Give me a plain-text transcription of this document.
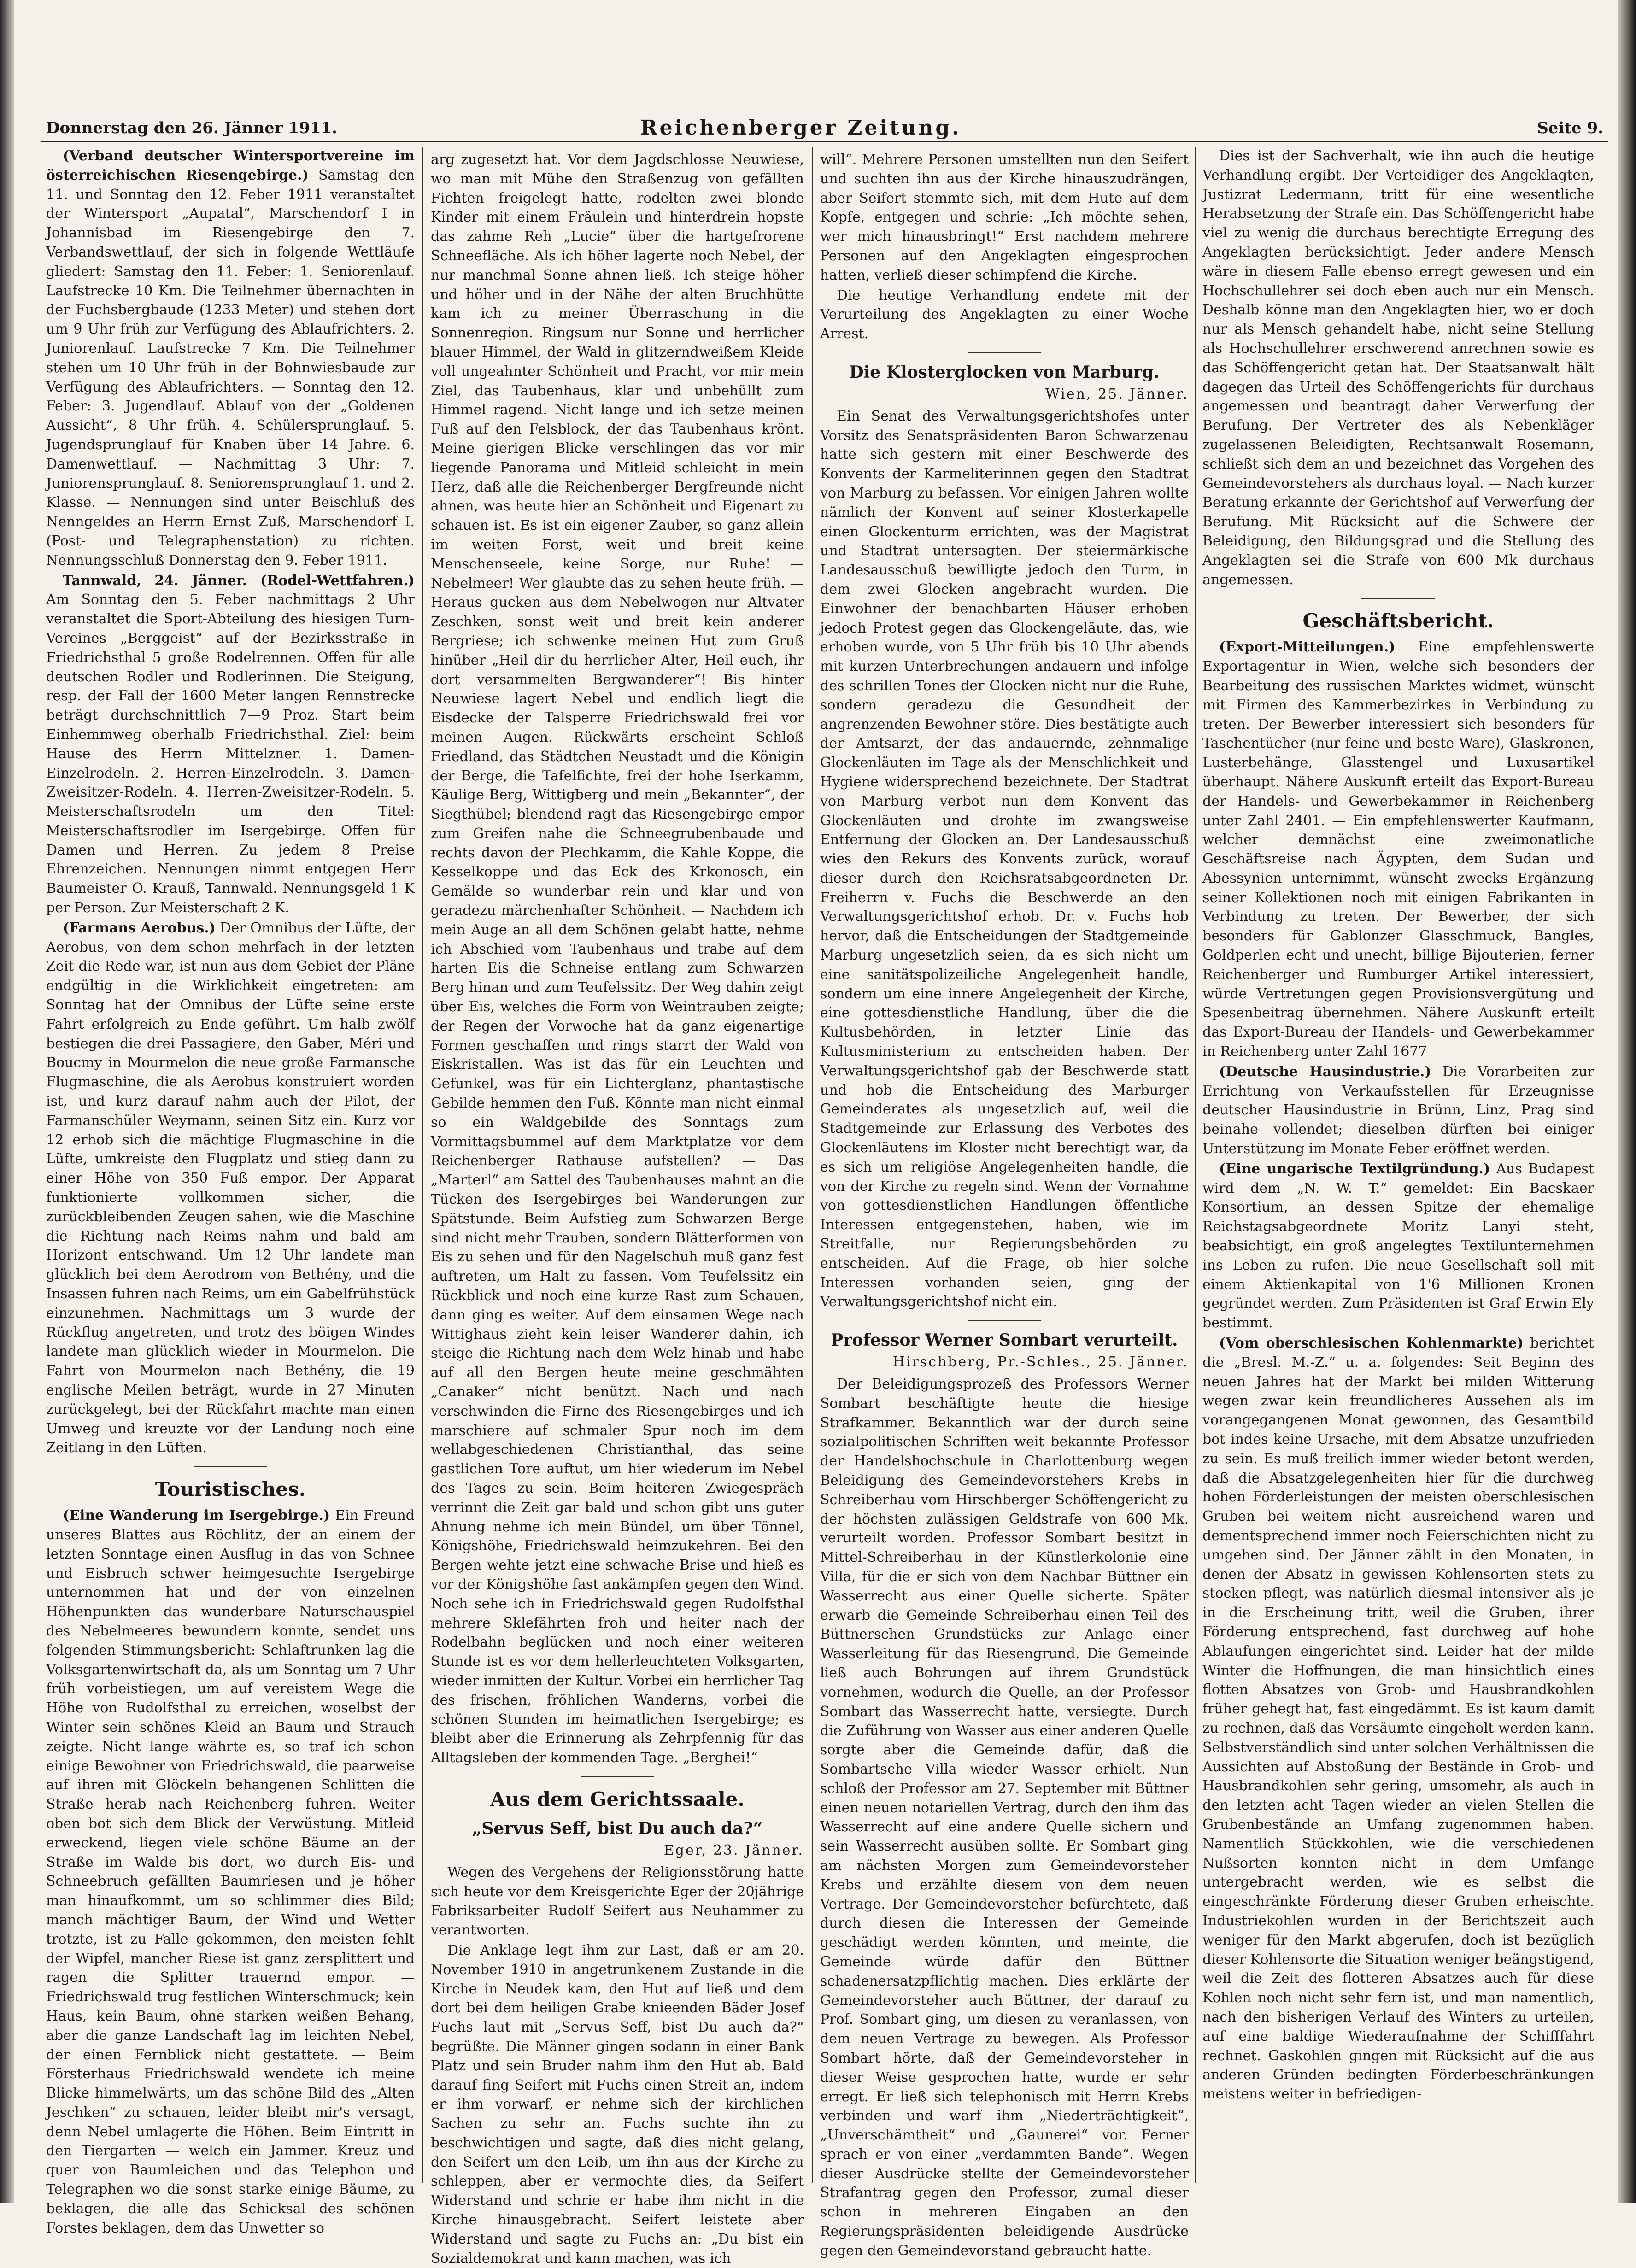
Donnerstag den 26. Jänner 1911.	Reichenberger Zeitung.	Seite 9.

(Verband deutscher Wintersportvereine im österreichischen Riesengebirge.) Samstag den 11. und Sonntag den 12. Feber 1911 veranstaltet der Wintersport „Aupatal“, Marschendorf I in Johannisbad im Riesengebirge den 7. Verbandswettlauf, der sich in folgende Wettläufe gliedert: Samstag den 11. Feber: 1. Seniorenlauf. Laufstrecke 10 Km. Die Teilnehmer übernachten in der Fuchsbergbaude (1233 Meter) und stehen dort um 9 Uhr früh zur Verfügung des Ablaufrichters. 2. Juniorenlauf. Laufstrecke 7 Km. Die Teilnehmer stehen um 10 Uhr früh in der Bohnwiesbaude zur Verfügung des Ablaufrichters. — Sonntag den 12. Feber: 3. Jugendlauf. Ablauf von der „Goldenen Aussicht“, 8 Uhr früh. 4. Schülersprunglauf. 5. Jugendsprunglauf für Knaben über 14 Jahre. 6. Damenwettlauf. — Nachmittag 3 Uhr: 7. Juniorensprunglauf. 8. Seniorensprunglauf 1. und 2. Klasse. — Nennungen sind unter Beischluß des Nenngeldes an Herrn Ernst Zuß, Marschendorf I. (Post- und Telegraphenstation) zu richten. Nennungsschluß Donnerstag den 9. Feber 1911.

Tannwald, 24. Jänner. (Rodel-Wettfahren.) Am Sonntag den 5. Feber nachmittags 2 Uhr veranstaltet die Sport-Abteilung des hiesigen Turn-Vereines „Berggeist“ auf der Bezirksstraße in Friedrichsthal 5 große Rodelrennen. Offen für alle deutschen Rodler und Rodlerinnen. Die Steigung, resp. der Fall der 1600 Meter langen Rennstrecke beträgt durchschnittlich 7—9 Proz. Start beim Einhemmweg oberhalb Friedrichsthal. Ziel: beim Hause des Herrn Mittelzner. 1. Damen-Einzelrodeln. 2. Herren-Einzelrodeln. 3. Damen-Zweisitzer-Rodeln. 4. Herren-Zweisitzer-Rodeln. 5. Meisterschaftsrodeln um den Titel: Meisterschaftsrodler im Isergebirge. Offen für Damen und Herren. Zu jedem 8 Preise Ehrenzeichen. Nennungen nimmt entgegen Herr Baumeister O. Krauß, Tannwald. Nennungsgeld 1 K per Person. Zur Meisterschaft 2 K.

(Farmans Aerobus.) Der Omnibus der Lüfte, der Aerobus, von dem schon mehrfach in der letzten Zeit die Rede war, ist nun aus dem Gebiet der Pläne endgültig in die Wirklichkeit eingetreten: am Sonntag hat der Omnibus der Lüfte seine erste Fahrt erfolgreich zu Ende geführt. Um halb zwölf bestiegen die drei Passagiere, den Gaber, Méri und Boucmy in Mourmelon die neue große Farmansche Flugmaschine, die als Aerobus konstruiert worden ist, und kurz darauf nahm auch der Pilot, der Farmanschüler Weymann, seinen Sitz ein. Kurz vor 12 erhob sich die mächtige Flugmaschine in die Lüfte, umkreiste den Flugplatz und stieg dann zu einer Höhe von 350 Fuß empor. Der Apparat funktionierte vollkommen sicher, die zurückbleibenden Zeugen sahen, wie die Maschine die Richtung nach Reims nahm und bald am Horizont entschwand. Um 12 Uhr landete man glücklich bei dem Aerodrom von Bethény, und die Insassen fuhren nach Reims, um ein Gabelfrühstück einzunehmen. Nachmittags um 3 wurde der Rückflug angetreten, und trotz des böigen Windes landete man glücklich wieder in Mourmelon. Die Fahrt von Mourmelon nach Bethény, die 19 englische Meilen beträgt, wurde in 27 Minuten zurückgelegt, bei der Rückfahrt machte man einen Umweg und kreuzte vor der Landung noch eine Zeitlang in den Lüften.

Touristisches.

(Eine Wanderung im Isergebirge.) Ein Freund unseres Blattes aus Röchlitz, der an einem der letzten Sonntage einen Ausflug in das von Schnee und Eisbruch schwer heimgesuchte Isergebirge unternommen hat und der von einzelnen Höhenpunkten das wunderbare Naturschauspiel des Nebelmeeres bewundern konnte, sendet uns folgenden Stimmungsbericht: Schlaftrunken lag die Volksgartenwirtschaft da, als um Sonntag um 7 Uhr früh vorbeistiegen, um auf vereistem Wege die Höhe von Rudolfsthal zu erreichen, woselbst der Winter sein schönes Kleid an Baum und Strauch zeigte. Nicht lange währte es, so traf ich schon einige Bewohner von Friedrichswald, die paarweise auf ihren mit Glöckeln behangenen Schlitten die Straße herab nach Reichenberg fuhren. Weiter oben bot sich dem Blick der Verwüstung. Mitleid erweckend, liegen viele schöne Bäume an der Straße im Walde bis dort, wo durch Eis- und Schneebruch gefällten Baumriesen und je höher man hinaufkommt, um so schlimmer dies Bild; manch mächtiger Baum, der Wind und Wetter trotzte, ist zu Falle gekommen, den meisten fehlt der Wipfel, mancher Riese ist ganz zersplittert und ragen die Splitter trauernd empor. — Friedrichswald trug festlichen Winterschmuck; kein Haus, kein Baum, ohne starken weißen Behang, aber die ganze Landschaft lag im leichten Nebel, der einen Fernblick nicht gestattete. — Beim Försterhaus Friedrichswald wendete ich meine Blicke himmelwärts, um das schöne Bild des „Alten Jeschken“ zu schauen, leider bleibt mir's versagt, denn Nebel umlagerte die Höhen. Beim Eintritt in den Tiergarten — welch ein Jammer. Kreuz und quer von Baumleichen und das Telephon und Telegraphen wo die sonst starke einige Bäume, zu beklagen, die alle das Schicksal des schönen Forstes beklagen, dem das Unwetter so

arg zugesetzt hat. Vor dem Jagdschlosse Neuwiese, wo man mit Mühe den Straßenzug von gefällten Fichten freigelegt hatte, rodelten zwei blonde Kinder mit einem Fräulein und hinterdrein hopste das zahme Reh „Lucie“ über die hartgefrorene Schneefläche. Als ich höher lagerte noch Nebel, der nur manchmal Sonne ahnen ließ. Ich steige höher und höher und in der Nähe der alten Bruchhütte kam ich zu meiner Überraschung in die Sonnenregion. Ringsum nur Sonne und herrlicher blauer Himmel, der Wald in glitzerndweißem Kleide voll ungeahnter Schönheit und Pracht, vor mir mein Ziel, das Taubenhaus, klar und unbehüllt zum Himmel ragend. Nicht lange und ich setze meinen Fuß auf den Felsblock, der das Taubenhaus krönt. Meine gierigen Blicke verschlingen das vor mir liegende Panorama und Mitleid schleicht in mein Herz, daß alle die Reichenberger Bergfreunde nicht ahnen, was heute hier an Schönheit und Eigenart zu schauen ist. Es ist ein eigener Zauber, so ganz allein im weiten Forst, weit und breit keine Menschenseele, keine Sorge, nur Ruhe! — Nebelmeer! Wer glaubte das zu sehen heute früh. — Heraus gucken aus dem Nebelwogen nur Altvater Zeschken, sonst weit und breit kein anderer Bergriese; ich schwenke meinen Hut zum Gruß hinüber „Heil dir du herrlicher Alter, Heil euch, ihr dort versammelten Bergwanderer“! Bis hinter Neuwiese lagert Nebel und endlich liegt die Eisdecke der Talsperre Friedrichswald frei vor meinen Augen. Rückwärts erscheint Schloß Friedland, das Städtchen Neustadt und die Königin der Berge, die Tafelfichte, frei der hohe Iserkamm, Käulige Berg, Wittigberg und mein „Bekannter“, der Siegthübel; blendend ragt das Riesengebirge empor zum Greifen nahe die Schneegrubenbaude und rechts davon der Plechkamm, die Kahle Koppe, die Kesselkoppe und das Eck des Krkonosch, ein Gemälde so wunderbar rein und klar und von geradezu märchenhafter Schönheit. — Nachdem ich mein Auge an all dem Schönen gelabt hatte, nehme ich Abschied vom Taubenhaus und trabe auf dem harten Eis die Schneise entlang zum Schwarzen Berg hinan und zum Teufelssitz. Der Weg dahin zeigt über Eis, welches die Form von Weintrauben zeigte; der Regen der Vorwoche hat da ganz eigenartige Formen geschaffen und rings starrt der Wald von Eiskristallen. Was ist das für ein Leuchten und Gefunkel, was für ein Lichterglanz, phantastische Gebilde hemmen den Fuß. Könnte man nicht einmal so ein Waldgebilde des Sonntags zum Vormittagsbummel auf dem Marktplatze vor dem Reichenberger Rathause aufstellen? — Das „Marterl“ am Sattel des Taubenhauses mahnt an die Tücken des Isergebirges bei Wanderungen zur Spätstunde. Beim Aufstieg zum Schwarzen Berge sind nicht mehr Trauben, sondern Blätterformen von Eis zu sehen und für den Nagelschuh muß ganz fest auftreten, um Halt zu fassen. Vom Teufelssitz ein Rückblick und noch eine kurze Rast zum Schauen, dann ging es weiter. Auf dem einsamen Wege nach Wittighaus zieht kein leiser Wanderer dahin, ich steige die Richtung nach dem Welz hinab und habe auf all den Bergen heute meine geschmähten „Canaker“ nicht benützt. Nach und nach verschwinden die Firne des Riesengebirges und ich marschiere auf schmaler Spur noch im dem wellabgeschiedenen Christianthal, das seine gastlichen Tore auftut, um hier wiederum im Nebel des Tages zu sein. Beim heiteren Zwiegespräch verrinnt die Zeit gar bald und schon gibt uns guter Ahnung nehme ich mein Bündel, um über Tönnel, Königshöhe, Friedrichswald heimzukehren. Bei den Bergen wehte jetzt eine schwache Brise und hieß es vor der Königshöhe fast ankämpfen gegen den Wind. Noch sehe ich in Friedrichswald gegen Rudolfsthal mehrere Sklefährten froh und heiter nach der Rodelbahn beglücken und noch einer weiteren Stunde ist es vor dem hellerleuchteten Volksgarten, wieder inmitten der Kultur. Vorbei ein herrlicher Tag des frischen, fröhlichen Wanderns, vorbei die schönen Stunden im heimatlichen Isergebirge; es bleibt aber die Erinnerung als Zehrpfennig für das Alltagsleben der kommenden Tage. „Berghei!“

Aus dem Gerichtssaale.
„Servus Seff, bist Du auch da?“
Eger, 23. Jänner.

Wegen des Vergehens der Religionsstörung hatte sich heute vor dem Kreisgerichte Eger der 20jährige Fabriksarbeiter Rudolf Seifert aus Neuhammer zu verantworten.

Die Anklage legt ihm zur Last, daß er am 20. November 1910 in angetrunkenem Zustande in die Kirche in Neudek kam, den Hut auf ließ und dem dort bei dem heiligen Grabe knieenden Bäder Josef Fuchs laut mit „Servus Seff, bist Du auch da?“ begrüßte. Die Männer gingen sodann in einer Bank Platz und sein Bruder nahm ihm den Hut ab. Bald darauf fing Seifert mit Fuchs einen Streit an, indem er ihm vorwarf, er nehme sich der kirchlichen Sachen zu sehr an. Fuchs suchte ihn zu beschwichtigen und sagte, daß dies nicht gelang, den Seifert um den Leib, um ihn aus der Kirche zu schleppen, aber er vermochte dies, da Seifert Widerstand und schrie er habe ihm nicht in die Kirche hinausgebracht. Seifert leistete aber Widerstand und sagte zu Fuchs an: „Du bist ein Sozialdemokrat und kann machen, was ich

will“. Mehrere Personen umstellten nun den Seifert und suchten ihn aus der Kirche hinauszudrängen, aber Seifert stemmte sich, mit dem Hute auf dem Kopfe, entgegen und schrie: „Ich möchte sehen, wer mich hinausbringt!“ Erst nachdem mehrere Personen auf den Angeklagten eingesprochen hatten, verließ dieser schimpfend die Kirche.

Die heutige Verhandlung endete mit der Verurteilung des Angeklagten zu einer Woche Arrest.

Die Klosterglocken von Marburg.
Wien, 25. Jänner.

Ein Senat des Verwaltungsgerichtshofes unter Vorsitz des Senatspräsidenten Baron Schwarzenau hatte sich gestern mit einer Beschwerde des Konvents der Karmeliterinnen gegen den Stadtrat von Marburg zu befassen. Vor einigen Jahren wollte nämlich der Konvent auf seiner Klosterkapelle einen Glockenturm errichten, was der Magistrat und Stadtrat untersagten. Der steiermärkische Landesausschuß bewilligte jedoch den Turm, in dem zwei Glocken angebracht wurden. Die Einwohner der benachbarten Häuser erhoben jedoch Protest gegen das Glockengeläute, das, wie erhoben wurde, von 5 Uhr früh bis 10 Uhr abends mit kurzen Unterbrechungen andauern und infolge des schrillen Tones der Glocken nicht nur die Ruhe, sondern geradezu die Gesundheit der angrenzenden Bewohner störe. Dies bestätigte auch der Amtsarzt, der das andauernde, zehnmalige Glockenläuten im Tage als der Menschlichkeit und Hygiene widersprechend bezeichnete. Der Stadtrat von Marburg verbot nun dem Konvent das Glockenläuten und drohte im zwangsweise Entfernung der Glocken an. Der Landesausschuß wies den Rekurs des Konvents zurück, worauf dieser durch den Reichsratsabgeordneten Dr. Freiherrn v. Fuchs die Beschwerde an den Verwaltungsgerichtshof erhob. Dr. v. Fuchs hob hervor, daß die Entscheidungen der Stadtgemeinde Marburg ungesetzlich seien, da es sich nicht um eine sanitätspolizeiliche Angelegenheit handle, sondern um eine innere Angelegenheit der Kirche, eine gottesdienstliche Handlung, über die die Kultusbehörden, in letzter Linie das Kultusministerium zu entscheiden haben. Der Verwaltungsgerichtshof gab der Beschwerde statt und hob die Entscheidung des Marburger Gemeinderates als ungesetzlich auf, weil die Stadtgemeinde zur Erlassung des Verbotes des Glockenläutens im Kloster nicht berechtigt war, da es sich um religiöse Angelegenheiten handle, die von der Kirche zu regeln sind. Wenn der Vornahme von gottesdienstlichen Handlungen öffentliche Interessen entgegenstehen, haben, wie im Streitfalle, nur Regierungsbehörden zu entscheiden. Auf die Frage, ob hier solche Interessen vorhanden seien, ging der Verwaltungsgerichtshof nicht ein.

Professor Werner Sombart verurteilt.
Hirschberg, Pr.-Schles., 25. Jänner.

Der Beleidigungsprozeß des Professors Werner Sombart beschäftigte heute die hiesige Strafkammer. Bekanntlich war der durch seine sozialpolitischen Schriften weit bekannte Professor der Handelshochschule in Charlottenburg wegen Beleidigung des Gemeindevorstehers Krebs in Schreiberhau vom Hirschberger Schöffengericht zu der höchsten zulässigen Geldstrafe von 600 Mk. verurteilt worden. Professor Sombart besitzt in Mittel-Schreiberhau in der Künstlerkolonie eine Villa, für die er sich von dem Nachbar Büttner ein Wasserrecht aus einer Quelle sicherte. Später erwarb die Gemeinde Schreiberhau einen Teil des Büttnerschen Grundstücks zur Anlage einer Wasserleitung für das Riesengrund. Die Gemeinde ließ auch Bohrungen auf ihrem Grundstück vornehmen, wodurch die Quelle, an der Professor Sombart das Wasserrecht hatte, versiegte. Durch die Zuführung von Wasser aus einer anderen Quelle sorgte aber die Gemeinde dafür, daß die Sombartsche Villa wieder Wasser erhielt. Nun schloß der Professor am 27. September mit Büttner einen neuen notariellen Vertrag, durch den ihm das Wasserrecht auf eine andere Quelle sichern und sein Wasserrecht ausüben sollte. Er Sombart ging am nächsten Morgen zum Gemeindevorsteher Krebs und erzählte diesem von dem neuen Vertrage. Der Gemeindevorsteher befürchtete, daß durch diesen die Interessen der Gemeinde geschädigt werden könnten, und meinte, die Gemeinde würde dafür den Büttner schadenersatzpflichtig machen. Dies erklärte der Gemeindevorsteher auch Büttner, der darauf zu Prof. Sombart ging, um diesen zu veranlassen, von dem neuen Vertrage zu bewegen. Als Professor Sombart hörte, daß der Gemeindevorsteher in dieser Weise gesprochen hatte, wurde er sehr erregt. Er ließ sich telephonisch mit Herrn Krebs verbinden und warf ihm „Niederträchtigkeit“, „Unverschämtheit“ und „Gaunerei“ vor. Ferner sprach er von einer „verdammten Bande“. Wegen dieser Ausdrücke stellte der Gemeindevorsteher Strafantrag gegen den Professor, zumal dieser schon in mehreren Eingaben an den Regierungspräsidenten beleidigende Ausdrücke gegen den Gemeindevorstand gebraucht hatte.

Dies ist der Sachverhalt, wie ihn auch die heutige Verhandlung ergibt. Der Verteidiger des Angeklagten, Justizrat Ledermann, tritt für eine wesentliche Herabsetzung der Strafe ein. Das Schöffengericht habe viel zu wenig die durchaus berechtigte Erregung des Angeklagten berücksichtigt. Jeder andere Mensch wäre in diesem Falle ebenso erregt gewesen und ein Hochschullehrer sei doch eben auch nur ein Mensch. Deshalb könne man den Angeklagten hier, wo er doch nur als Mensch gehandelt habe, nicht seine Stellung als Hochschullehrer erschwerend anrechnen sowie es das Schöffengericht getan hat. Der Staatsanwalt hält dagegen das Urteil des Schöffengerichts für durchaus angemessen und beantragt daher Verwerfung der Berufung. Der Vertreter des als Nebenkläger zugelassenen Beleidigten, Rechtsanwalt Rosemann, schließt sich dem an und bezeichnet das Vorgehen des Gemeindevorstehers als durchaus loyal. — Nach kurzer Beratung erkannte der Gerichtshof auf Verwerfung der Berufung. Mit Rücksicht auf die Schwere der Beleidigung, den Bildungsgrad und die Stellung des Angeklagten sei die Strafe von 600 Mk durchaus angemessen.

Geschäftsbericht.

(Export-Mitteilungen.) Eine empfehlenswerte Exportagentur in Wien, welche sich besonders der Bearbeitung des russischen Marktes widmet, wünscht mit Firmen des Kammerbezirkes in Verbindung zu treten. Der Bewerber interessiert sich besonders für Taschentücher (nur feine und beste Ware), Glaskronen, Lusterbehänge, Glasstengel und Luxusartikel überhaupt. Nähere Auskunft erteilt das Export-Bureau der Handels- und Gewerbekammer in Reichenberg unter Zahl 2401. — Ein empfehlenswerter Kaufmann, welcher demnächst eine zweimonatliche Geschäftsreise nach Ägypten, dem Sudan und Abessynien unternimmt, wünscht zwecks Ergänzung seiner Kollektionen noch mit einigen Fabrikanten in Verbindung zu treten. Der Bewerber, der sich besonders für Gablonzer Glasschmuck, Bangles, Goldperlen echt und unecht, billige Bijouterien, ferner Reichenberger und Rumburger Artikel interessiert, würde Vertretungen gegen Provisionsvergütung und Spesenbeitrag übernehmen. Nähere Auskunft erteilt das Export-Bureau der Handels- und Gewerbekammer in Reichenberg unter Zahl 1677

(Deutsche Hausindustrie.) Die Vorarbeiten zur Errichtung von Verkaufsstellen für Erzeugnisse deutscher Hausindustrie in Brünn, Linz, Prag sind beinahe vollendet; dieselben dürften bei einiger Unterstützung im Monate Feber eröffnet werden.

(Eine ungarische Textilgründung.) Aus Budapest wird dem „N. W. T.“ gemeldet: Ein Bacskaer Konsortium, an dessen Spitze der ehemalige Reichstagsabgeordnete Moritz Lanyi steht, beabsichtigt, ein groß angelegtes Textilunternehmen ins Leben zu rufen. Die neue Gesellschaft soll mit einem Aktienkapital von 1'6 Millionen Kronen gegründet werden. Zum Präsidenten ist Graf Erwin Ely bestimmt.

(Vom oberschlesischen Kohlenmarkte) berichtet die „Bresl. M.-Z.“ u. a. folgendes: Seit Beginn des neuen Jahres hat der Markt bei milden Witterung wegen zwar kein freundlicheres Aussehen als im vorangegangenen Monat gewonnen, das Gesamtbild bot indes keine Ursache, mit dem Absatze unzufrieden zu sein. Es muß freilich immer wieder betont werden, daß die Absatzgelegenheiten hier für die durchweg hohen Förderleistungen der meisten oberschlesischen Gruben bei weitem nicht ausreichend waren und dementsprechend immer noch Feierschichten nicht zu umgehen sind. Der Jänner zählt in den Monaten, in denen der Absatz in gewissen Kohlensorten stets zu stocken pflegt, was natürlich diesmal intensiver als je in die Erscheinung tritt, weil die Gruben, ihrer Förderung entsprechend, fast durchweg auf hohe Ablaufungen eingerichtet sind. Leider hat der milde Winter die Hoffnungen, die man hinsichtlich eines flotten Absatzes von Grob- und Hausbrandkohlen früher gehegt hat, fast eingedämmt. Es ist kaum damit zu rechnen, daß das Versäumte eingeholt werden kann. Selbstverständlich sind unter solchen Verhältnissen die Aussichten auf Abstoßung der Bestände in Grob- und Hausbrandkohlen sehr gering, umsomehr, als auch in den letzten acht Tagen wieder an vielen Stellen die Grubenbestände an Umfang zugenommen haben. Namentlich Stückkohlen, wie die verschiedenen Nußsorten konnten nicht in dem Umfange untergebracht werden, wie es selbst die eingeschränkte Förderung dieser Gruben erheischte. Industriekohlen wurden in der Berichtszeit auch weniger für den Markt abgerufen, doch ist bezüglich dieser Kohlensorte die Situation weniger beängstigend, weil die Zeit des flotteren Absatzes auch für diese Kohlen noch nicht sehr fern ist, und man namentlich, nach den bisherigen Verlauf des Winters zu urteilen, auf eine baldige Wiederaufnahme der Schifffahrt rechnet. Gaskohlen gingen mit Rücksicht auf die aus anderen Gründen bedingten Förderbeschränkungen meistens weiter in befriedigen-
